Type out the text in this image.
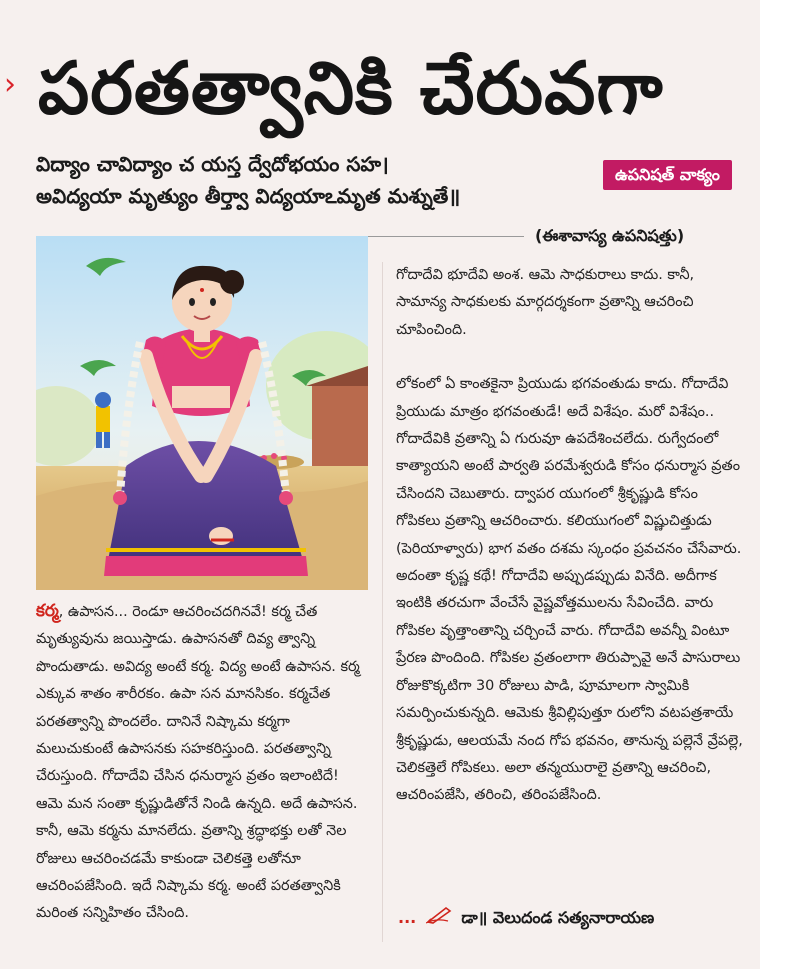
› పరతత్వానికి చేరువగా
విద్యాం చావిద్యాం చ యస్త ద్వేదోభయం సహ।
అవిద్యయా మృత్యుం తీర్త్వా విద్యయాఽమృత మశ్నుతే॥
ఉపనిషత్ వాక్యం
(ఈశావాస్య ఉపనిషత్తు)

కర్మ, ఉపాసన... రెండూ ఆచరించదగినవే! కర్మ చేత మృత్యువును జయిస్తాడు. ఉపాసనతో దివ్య త్వాన్ని పొందుతాడు. అవిద్య అంటే కర్మ. విద్య అంటే ఉపాసన. కర్మ ఎక్కువ శాతం శారీరకం. ఉపా సన మానసికం. కర్మచేత పరతత్వాన్ని పొందలేం. దానినే నిష్కామ కర్మగా మలుచుకుంటే ఉపాసనకు సహకరిస్తుంది. పరతత్వాన్ని చేరుస్తుంది. గోదాదేవి చేసిన ధనుర్మాస వ్రతం ఇలాంటిదే! ఆమె మన సంతా కృష్ణుడితోనే నిండి ఉన్నది. అదే ఉపాసన. కానీ, ఆమె కర్మను మానలేదు. వ్రతాన్ని శ్రద్ధాభక్తు లతో నెల రోజులు ఆచరించడమే కాకుండా చెలికత్తె లతోనూ ఆచరింపజేసింది. ఇదే నిష్కామ కర్మ. అంటే పరతత్వానికి మరింత సన్నిహితం చేసింది.

గోదాదేవి భూదేవి అంశ. ఆమె సాధకురాలు కాదు. కానీ, సామాన్య సాధకులకు మార్గదర్శకంగా వ్రతాన్ని ఆచరించి చూపించింది.

లోకంలో ఏ కాంతకైనా ప్రియుడు భగవంతుడు కాదు. గోదాదేవి ప్రియుడు మాత్రం భగవంతుడే! అదే విశేషం. మరో విశేషం.. గోదాదేవికి వ్రతాన్ని ఏ గురువూ ఉపదేశించలేదు. రుగ్వేదంలో కాత్యాయని అంటే పార్వతి పరమేశ్వరుడి కోసం ధనుర్మాస వ్రతం చేసిందని చెబుతారు. ద్వాపర యుగంలో శ్రీకృష్ణుడి కోసం గోపికలు వ్రతాన్ని ఆచరించారు. కలియుగంలో విష్ణుచిత్తుడు (పెరియాళ్వారు) భాగ వతం దశమ స్కంధం ప్రవచనం చేసేవారు. అదంతా కృష్ణ కథే! గోదాదేవి అప్పుడప్పుడు వినేది. అదీగాక ఇంటికి తరచుగా వేంచేసే వైష్ణవోత్తములను సేవించేది. వారు గోపికల వృత్తాంతాన్ని చర్చించే వారు. గోదాదేవి అవన్నీ వింటూ ప్రేరణ పొందింది. గోపికల వ్రతంలాగా తిరుప్పావై అనే పాసురాలు రోజుకొక్కటిగా 30 రోజులు పాడి, పూమాలగా స్వామికి సమర్పించుకున్నది. ఆమెకు శ్రీవిల్లిపుత్తూ రులోని వటపత్రశాయే శ్రీకృష్ణుడు, ఆలయమే నంద గోప భవనం, తానున్న పల్లెనే వ్రేపల్లె, చెలికత్తెలే గోపికలు. అలా తన్మయురాలై వ్రతాన్ని ఆచరించి, ఆచరింపజేసి, తరించి, తరింపజేసింది.

...	డా॥ వెలుదండ సత్యనారాయణ
